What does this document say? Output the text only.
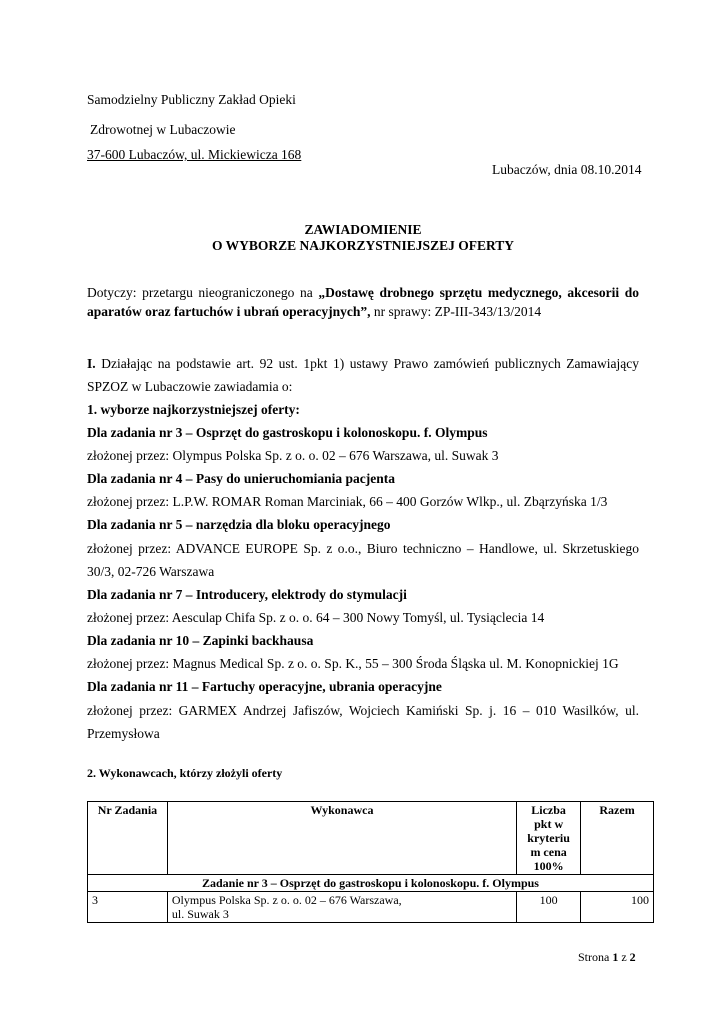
Samodzielny Publiczny Zakład Opieki
Zdrowotnej w Lubaczowie
37-600 Lubaczów, ul. Mickiewicza 168
Lubaczów, dnia 08.10.2014
ZAWIADOMIENIE
O WYBORZE NAJKORZYSTNIEJSZEJ OFERTY
Dotyczy: przetargu nieograniczonego na „Dostawę drobnego sprzętu medycznego, akcesorii do aparatów oraz fartuchów i ubrań operacyjnych”, nr sprawy: ZP-III-343/13/2014
I. Działając na podstawie art. 92 ust. 1pkt 1) ustawy Prawo zamówień publicznych Zamawiający SPZOZ w Lubaczowie zawiadamia o:
1. wyborze najkorzystniejszej oferty:
Dla zadania nr 3 – Osprzęt do gastroskopu i kolonoskopu. f. Olympus
złożonej przez: Olympus Polska Sp. z o. o. 02 – 676 Warszawa, ul. Suwak 3
Dla zadania nr 4 – Pasy do unieruchomiania pacjenta
złożonej przez: L.P.W. ROMAR Roman Marciniak, 66 – 400 Gorzów Wlkp., ul. Zbąrzyńska 1/3
Dla zadania nr 5 – narzędzia dla bloku operacyjnego
złożonej przez: ADVANCE EUROPE Sp. z o.o., Biuro techniczno – Handlowe, ul. Skrzetuskiego 30/3, 02-726 Warszawa
Dla zadania nr 7 – Introducery, elektrody do stymulacji
złożonej przez: Aesculap Chifa Sp. z o. o. 64 – 300 Nowy Tomyśl, ul. Tysiąclecia 14
Dla zadania nr 10 – Zapinki backhausa
złożonej przez: Magnus Medical Sp. z o. o. Sp. K., 55 – 300 Środa Śląska ul. M. Konopnickiej 1G
Dla zadania nr 11 – Fartuchy operacyjne, ubrania operacyjne
złożonej przez: GARMEX Andrzej Jafiszów, Wojciech Kamiński Sp. j. 16 – 010 Wasilków, ul. Przemysłowa
2. Wykonawcach, którzy złożyli oferty
Nr Zadania	Wykonawca	Liczba pkt w kryteriu m cena 100%	Razem
Zadanie nr 3 – Osprzęt do gastroskopu i kolonoskopu. f. Olympus			
3	Olympus Polska Sp. z o. o. 02 – 676 Warszawa, ul. Suwak 3	100	100
Strona 1 z 2
